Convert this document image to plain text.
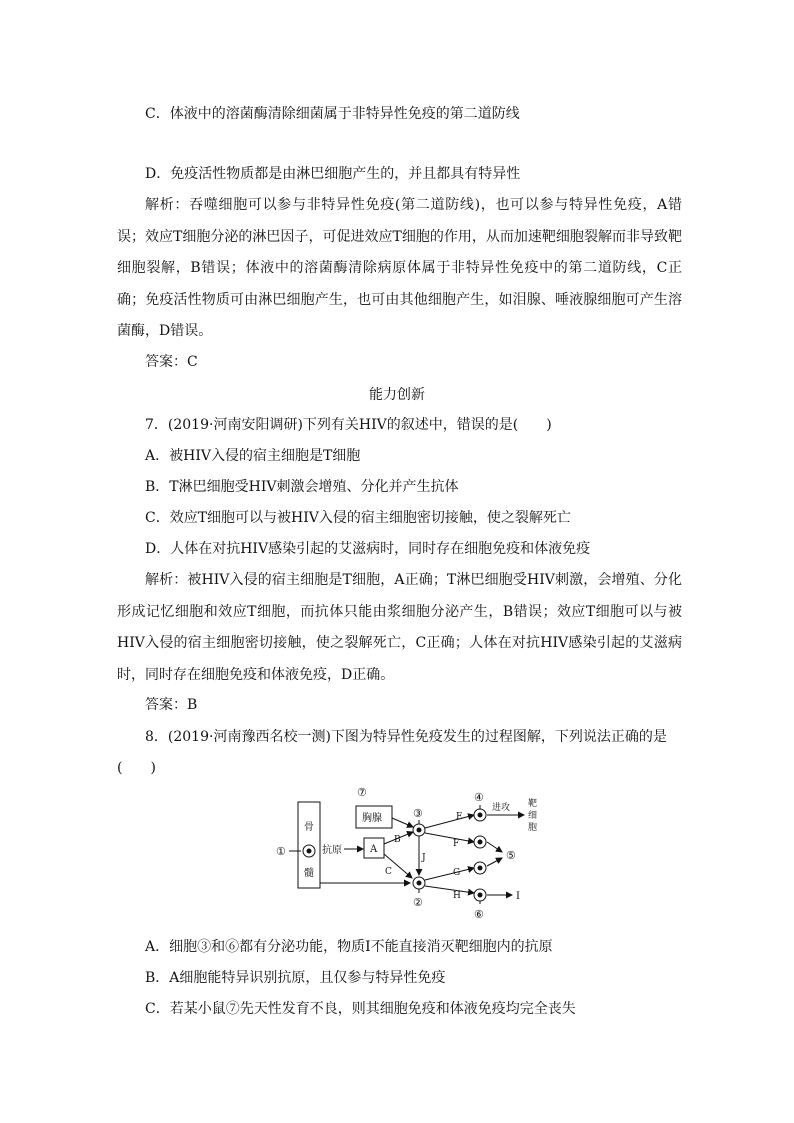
C．体液中的溶菌酶清除细菌属于非特异性免疫的第二道防线
D．免疫活性物质都是由淋巴细胞产生的，并且都具有特异性
解析：吞噬细胞可以参与非特异性免疫(第二道防线)，也可以参与特异性免疫，A错误；效应T细胞分泌的淋巴因子，可促进效应T细胞的作用，从而加速靶细胞裂解而非导致靶细胞裂解，B错误；体液中的溶菌酶清除病原体属于非特异性免疫中的第二道防线，C正确；免疫活性物质可由淋巴细胞产生，也可由其他细胞产生，如泪腺、唾液腺细胞可产生溶菌酶，D错误。
答案：C
能力创新
7．(2019·河南安阳调研)下列有关HIV的叙述中，错误的是(　　)
A．被HIV入侵的宿主细胞是T细胞
B．T淋巴细胞受HIV刺激会增殖、分化并产生抗体
C．效应T细胞可以与被HIV入侵的宿主细胞密切接触，使之裂解死亡
D．人体在对抗HIV感染引起的艾滋病时，同时存在细胞免疫和体液免疫
解析：被HIV入侵的宿主细胞是T细胞，A正确；T淋巴细胞受HIV刺激，会增殖、分化形成记忆细胞和效应T细胞，而抗体只能由浆细胞分泌产生，B错误；效应T细胞可以与被HIV入侵的宿主细胞密切接触，使之裂解死亡，C正确；人体在对抗HIV感染引起的艾滋病时，同时存在细胞免疫和体液免疫，D正确。
答案：B
8．(2019·河南豫西名校一测)下图为特异性免疫发生的过程图解，下列说法正确的是
(　　)
骨
髓
①
⑦
胸腺
A
抗原
B
C
J
③
②
E
F
G
H
④
⑤
⑥
进攻 靶
细
胞
Ⅰ
A．细胞③和⑥都有分泌功能，物质Ⅰ不能直接消灭靶细胞内的抗原
B．A细胞能特异识别抗原，且仅参与特异性免疫
C．若某小鼠⑦先天性发育不良，则其细胞免疫和体液免疫均完全丧失
